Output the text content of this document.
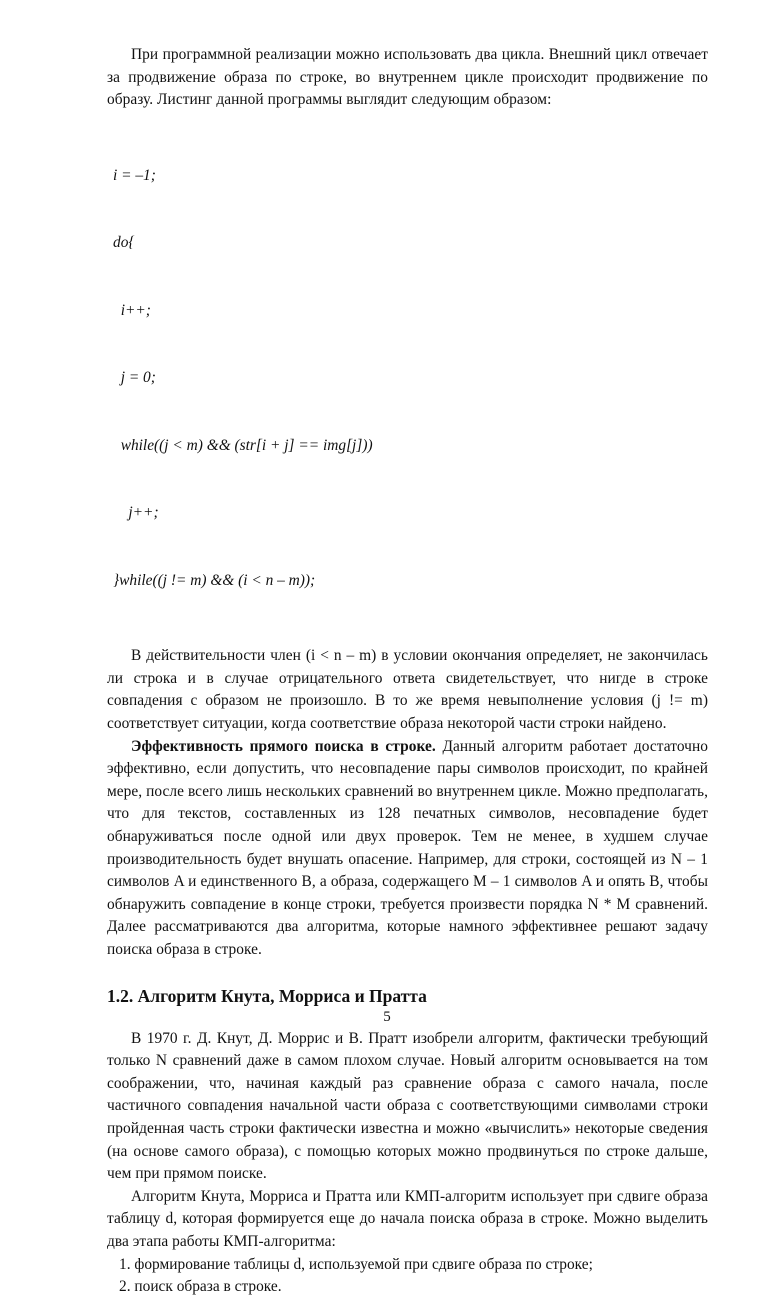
При программной реализации можно использовать два цикла. Внешний цикл отвечает за продвижение образа по строке, во внутреннем цикле происходит продвижение по образу. Листинг данной программы выглядит следующим образом:

i = –1;

do{

i++;

j = 0;

while((j < m) && (str[i + j] == img[j]))

j++;

}while((j != m) && (i < n – m));

В действительности член (i < n – m) в условии окончания определяет, не закончилась ли строка и в случае отрицательного ответа свидетельствует, что нигде в строке совпадения с образом не произошло. В то же время невыполнение условия (j != m) соответствует ситуации, когда соответствие образа некоторой части строки найдено.

Эффективность прямого поиска в строке. Данный алгоритм работает достаточно эффективно, если допустить, что несовпадение пары символов происходит, по крайней мере, после всего лишь нескольких сравнений во внутреннем цикле. Можно предполагать, что для текстов, составленных из 128 печатных символов, несовпадение будет обнаруживаться после одной или двух проверок. Тем не менее, в худшем случае производительность будет внушать опасение. Например, для строки, состоящей из N – 1 символов A и единственного B, а образа, содержащего M – 1 символов A и опять B, чтобы обнаружить совпадение в конце строки, требуется произвести порядка N * M сравнений. Далее рассматриваются два алгоритма, которые намного эффективнее решают задачу поиска образа в строке.

1.2. Алгоритм Кнута, Морриса и Пратта

В 1970 г. Д. Кнут, Д. Моррис и В. Пратт изобрели алгоритм, фактически требующий только N сравнений даже в самом плохом случае. Новый алгоритм основывается на том соображении, что, начиная каждый раз сравнение образа с самого начала, после частичного совпадения начальной части образа с соответствующими символами строки пройденная часть строки фактически известна и можно «вычислить» некоторые сведения (на основе самого образа), с помощью которых можно продвинуться по строке дальше, чем при прямом поиске.

Алгоритм Кнута, Морриса и Пратта или КМП-алгоритм использует при сдвиге образа таблицу d, которая формируется еще до начала поиска образа в строке. Можно выделить два этапа работы КМП-алгоритма:

1. формирование таблицы d, используемой при сдвиге образа по строке;

2. поиск образа в строке.

5
